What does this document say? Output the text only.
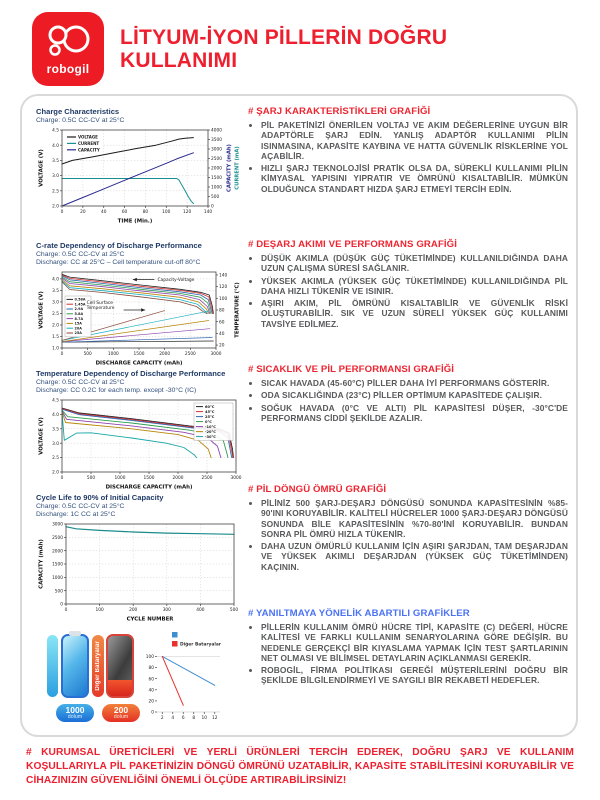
robogil
LİTYUM-İYON PİLLERİN DOĞRU
KULLANIMI
Charge Characteristics
Charge: 0.5C CC-CV at 25°C
0	20	40	60	80	100	120	140
2.0
2.5
3.0
3.5
4.0
4.5
0
500
1000
1500
2000
2500
3000
3500
4000
TIME (Min.)
VOLTAGE (V)	CAPACITY (mAh) CURRENT (mA)
VOLTAGE
CURRENT
CAPACITY
C-rate Dependency of Discharge Performance
Charge: 0.5C CC-CV at 25°C
Discharge: CC at 25°C – Cell temperature cut-off 80°C
0	500	1000	1500	2000	2500	3000
1.0
1.5
2.0
2.5
3.0
3.5
4.0
20
40
60
80
100
120
140
DISCHARGE CAPACITY (mAh)
VOLTAGE (V)	TEMPERATURE (°C)
0.58A
1.45A
2.9A
5.8A
8.7A
15A
20A
25A
Capacity-Voltage
Cell Surface Temperature
Temperature Dependency of Discharge Performance
Charge: 0.5C CC-CV at 25°C
Discharge: CC 0.2C for each temp. except -30°C (IC)
0	500	1000	1500	2000	2500	3000
2.0
2.5
3.0
3.5
4.0
4.5
DISCHARGE CAPACITY (mAh)
VOLTAGE (V)
60°C
45°C
25°C
0°C
-10°C
-20°C
-30°C
Cycle Life to 90% of Initial Capacity
Charge: 0.5C CC-CV at 25°C
Discharge: 1C CC at 25°C
0	100	200	300	400	500
0
500
1000
1500
2000
2500
3000
CYCLE NUMBER
CAPACITY (mAh)
Diğer Bataryalar
1000
dolum
200
dolum	2 4 6 8 10 12
0
20
40
60
80
100
Diğer Bataryalar
# ŞARJ KARAKTERİSTİKLERİ GRAFİĞİ
• PİL PAKETİNİZİ ÖNERİLEN VOLTAJ VE AKIM DEĞERLERİNE UYGUN BİR ADAPTÖRLE ŞARJ EDİN. YANLIŞ ADAPTÖR KULLANIMI PİLİN ISINMASINA, KAPASİTE KAYBINA VE HATTA GÜVENLİK RİSKLERİNE YOL AÇABİLİR.
• HIZLI ŞARJ TEKNOLOJİSİ PRATİK OLSA DA, SÜREKLİ KULLANIMI PİLİN KİMYASAL YAPISINI YIPRATIR VE ÖMRÜNÜ KISALTABİLİR. MÜMKÜN OLDUĞUNCA STANDART HIZDA ŞARJ ETMEYİ TERCİH EDİN.
# DEŞARJ AKIMI VE PERFORMANS GRAFİĞİ
• DÜŞÜK AKIMLA (DÜŞÜK GÜÇ TÜKETİMİNDE) KULLANILDIĞINDA DAHA UZUN ÇALIŞMA SÜRESİ SAĞLANIR.
• YÜKSEK AKIMLA (YÜKSEK GÜÇ TÜKETİMİNDE) KULLANILDIĞINDA PİL DAHA HIZLI TÜKENİR VE ISINIR.
• AŞIRI AKIM, PİL ÖMRÜNÜ KISALTABİLİR VE GÜVENLİK RİSKİ OLUŞTURABİLİR. SIK VE UZUN SÜRELİ YÜKSEK GÜÇ KULLANIMI TAVSİYE EDİLMEZ.
# SICAKLIK VE PİL PERFORMANSI GRAFİĞİ
• SICAK HAVADA (45-60°C) PİLLER DAHA İYİ PERFORMANS GÖSTERİR.
• ODA SICAKLIĞINDA (23°C) PİLLER OPTİMUM KAPASİTEDE ÇALIŞIR.
• SOĞUK HAVADA (0°C VE ALTI) PİL KAPASİTESİ DÜŞER, -30°C'DE PERFORMANS CİDDİ ŞEKİLDE AZALIR.
# PİL DÖNGÜ ÖMRÜ GRAFİĞİ
• PİLİNİZ 500 ŞARJ-DEŞARJ DÖNGÜSÜ SONUNDA KAPASİTESİNİN %85-90'INI KORUYABİLİR. KALİTELİ HÜCRELER 1000 ŞARJ-DEŞARJ DÖNGÜSÜ SONUNDA BİLE KAPASİTESİNİN %70-80'İNİ KORUYABİLİR. BUNDAN SONRA PİL ÖMRÜ HIZLA TÜKENİR.
• DAHA UZUN ÖMÜRLÜ KULLANIM İÇİN AŞIRI ŞARJDAN, TAM DEŞARJDAN VE YÜKSEK AKIMLI DEŞARJDAN (YÜKSEK GÜÇ TÜKETİMİNDEN) KAÇININ.
# YANILTMAYA YÖNELİK ABARTILI GRAFİKLER
• PİLLERİN KULLANIM ÖMRÜ HÜCRE TİPİ, KAPASİTE (C) DEĞERİ, HÜCRE KALİTESİ VE FARKLI KULLANIM SENARYOLARINA GÖRE DEĞİŞİR. BU NEDENLE GERÇEKÇİ BİR KIYASLAMA YAPMAK İÇİN TEST ŞARTLARININ NET OLMASI VE BİLİMSEL DETAYLARIN AÇIKLANMASI GEREKİR.
• ROBOGİL, FİRMA POLİTİKASI GEREĞİ MÜŞTERİLERİNİ DOĞRU BİR ŞEKİLDE BİLGİLENDİRMEYİ VE SAYGILI BİR REKABETİ HEDEFLER.
# KURUMSAL ÜRETİCİLERİ VE YERLİ ÜRÜNLERİ TERCİH EDEREK, DOĞRU ŞARJ VE KULLANIM KOŞULLARIYLA PİL PAKETİNİZİN DÖNGÜ ÖMRÜNÜ UZATABİLİR, KAPASİTE STABİLİTESİNİ KORUYABİLİR VE CİHAZINIZIN GÜVENLİĞİNİ ÖNEMLİ ÖLÇÜDE ARTIRABİLİRSİNİZ!
